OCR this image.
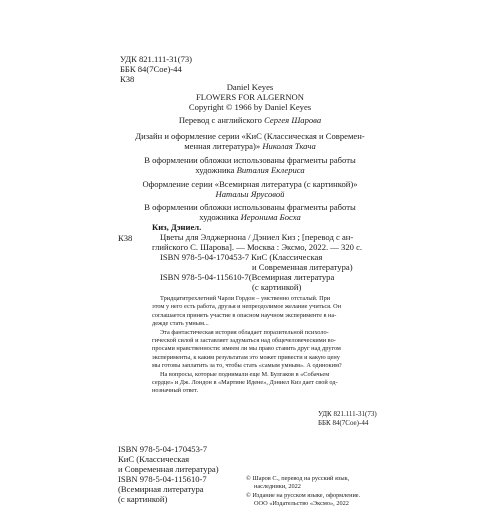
УДК 821.111-31(73)
ББК 84(7Сое)-44
К38
Daniel Keyes
FLOWERS FOR ALGERNON
Copyright © 1966 by Daniel Keyes
Перевод с английского Сергея Шарова
Дизайн и оформление серии «КиС (Классическая и Современ-
менная литература)» Николая Ткача
В оформлении обложки использованы фрагменты работы
художника Виталия Еклериса
Оформление серии «Всемирная литература (с картинкой)»
Натальи Ярусовой
В оформлении обложки использованы фрагменты работы
художника Иеронима Босха
К38
Киз, Дэниел.
Цветы для Элджернона / Дэниел Киз ; [перевод с ан-
глийского С. Шарова]. — Москва : Эксмо, 2022. — 320 с.
ISBN 978-5-04-170453-7 КиС (Классическая
и Современная литература)
ISBN 978-5-04-115610-7(Всемирная литература
(с картинкой)
Тридцатитрехлетний Чарли Гордон – умственно отсталый. При
этом у него есть работа, друзья и непреодолимое желание учиться. Он
соглашается принять участие в опасном научном эксперименте в на-
дежде стать умным...
Эта фантастическая история обладает поразительной психоло-
гической силой и заставляет задуматься над общечеловеческими во-
просами нравственности: имеем ли мы право ставить друг над другом
эксперименты, к каким результатам это может привести и какую цену
мы готовы заплатить за то, чтобы стать «самым умным». А одиноким?
На вопросы, которые поднимали еще М. Булгаков в «Собачьем
сердце» и Дж. Лондон в «Мартине Идене», Дэниел Киз дает свой од-
нозначный ответ.
УДК 821.111-31(73)
ББК 84(7Сое)-44
ISBN 978-5-04-170453-7
КиС (Классическая
и Современная литература)
ISBN 978-5-04-115610-7
(Всемирная литература
(с картинкой)
© Шаров С., перевод на русский язык,
наследники, 2022
© Издание на русском языке, оформление.
ООО «Издательство «Эксмо», 2022
